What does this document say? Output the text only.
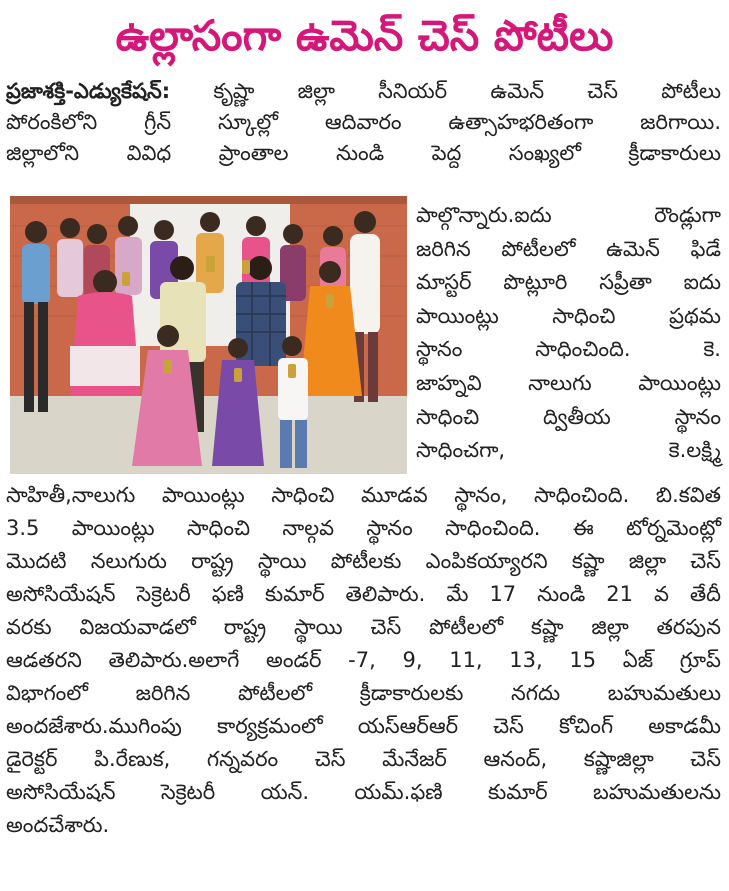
ఉల్లాసంగా ఉమెన్ చెస్ పోటీలు
ప్రజాశక్తి-ఎడ్యుకేషన్: కృష్ణా జిల్లా సీనియర్ ఉమెన్ చెస్ పోటీలు
పోరంకిలోని గ్రీన్ స్కూల్లో ఆదివారం ఉత్సాహభరితంగా జరిగాయి.
జిల్లాలోని వివిధ ప్రాంతాల నుండి పెద్ద సంఖ్యలో క్రీడాకారులు
పాల్గొన్నారు.ఐదు రౌండ్లుగా
జరిగిన పోటీలలో ఉమెన్ ఫిడే
మాస్టర్ పొట్లూరి సప్రీతా ఐదు
పాయింట్లు సాధించి ప్రథమ
స్థానం సాధించింది. కె.
జాహ్నవి నాలుగు పాయింట్లు
సాధించి ద్వితీయ స్థానం
సాధించగా, కె.లక్ష్మి
సాహితీ,నాలుగు పాయింట్లు సాధించి మూడవ స్థానం, సాధించింది. బి.కవిత
3.5 పాయింట్లు సాధించి నాల్గవ స్థానం సాధించింది. ఈ టోర్నమెంట్లో
మొదటి నలుగురు రాష్ట్ర స్థాయి పోటీలకు ఎంపికయ్యారని కష్ణా జిల్లా చెస్
అసోసియేషన్ సెక్రెటరీ ఫణి కుమార్ తెలిపారు. మే 17 నుండి 21 వ తేదీ
వరకు విజయవాడలో రాష్ట్ర స్థాయి చెస్ పోటీలలో కష్ణా జిల్లా తరపున
ఆడతరని తెలిపారు.అలాగే అండర్ -7, 9, 11, 13, 15 ఏజ్ గ్రూప్
విభాగంలో జరిగిన పోటీలలో క్రీడాకారులకు నగదు బహుమతులు
అందజేశారు.ముగింపు కార్యక్రమంలో యస్ఆర్ఆర్ చెస్ కోచింగ్ అకాడమీ
డైరెక్టర్ పి.రేణుక, గన్నవరం చెస్ మేనేజర్ ఆనంద్, కష్ణాజిల్లా చెస్
అసోసియేషన్ సెక్రెటరీ యన్. యమ్.ఫణి కుమార్ బహుమతులను
అందచేశారు.
